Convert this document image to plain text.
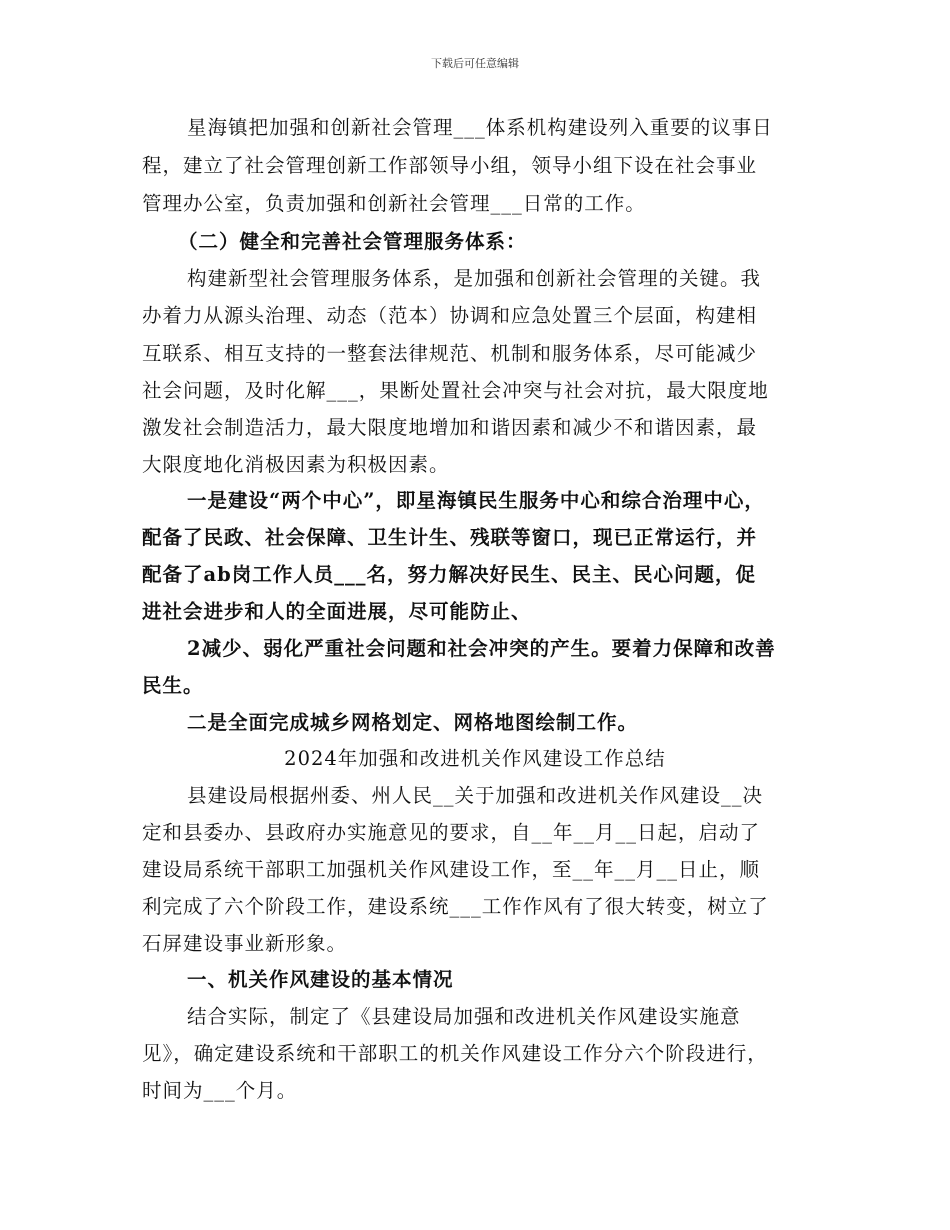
下载后可任意编辑
星海镇把加强和创新社会管理___体系机构建设列入重要的议事日
程，建立了社会管理创新工作部领导小组，领导小组下设在社会事业
管理办公室，负责加强和创新社会管理___日常的工作。
（二）健全和完善社会管理服务体系：
构建新型社会管理服务体系，是加强和创新社会管理的关键。我
办着力从源头治理、动态（范本）协调和应急处置三个层面，构建相
互联系、相互支持的一整套法律规范、机制和服务体系，尽可能减少
社会问题，及时化解___，果断处置社会冲突与社会对抗，最大限度地
激发社会制造活力，最大限度地增加和谐因素和减少不和谐因素，最
大限度地化消极因素为积极因素。
一是建设“两个中心”，即星海镇民生服务中心和综合治理中心，
配备了民政、社会保障、卫生计生、残联等窗口，现已正常运行，并
配备了ab岗工作人员___名，努力解决好民生、民主、民心问题，促
进社会进步和人的全面进展，尽可能防止、
2减少、弱化严重社会问题和社会冲突的产生。要着力保障和改善
民生。
二是全面完成城乡网格划定、网格地图绘制工作。
2024年加强和改进机关作风建设工作总结
县建设局根据州委、州人民__关于加强和改进机关作风建设__决
定和县委办、县政府办实施意见的要求，自__年__月__日起，启动了
建设局系统干部职工加强机关作风建设工作，至__年__月__日止，顺
利完成了六个阶段工作，建设系统___工作作风有了很大转变，树立了
石屏建设事业新形象。
一、机关作风建设的基本情况
结合实际，制定了《县建设局加强和改进机关作风建设实施意
见》，确定建设系统和干部职工的机关作风建设工作分六个阶段进行，
时间为___个月。
